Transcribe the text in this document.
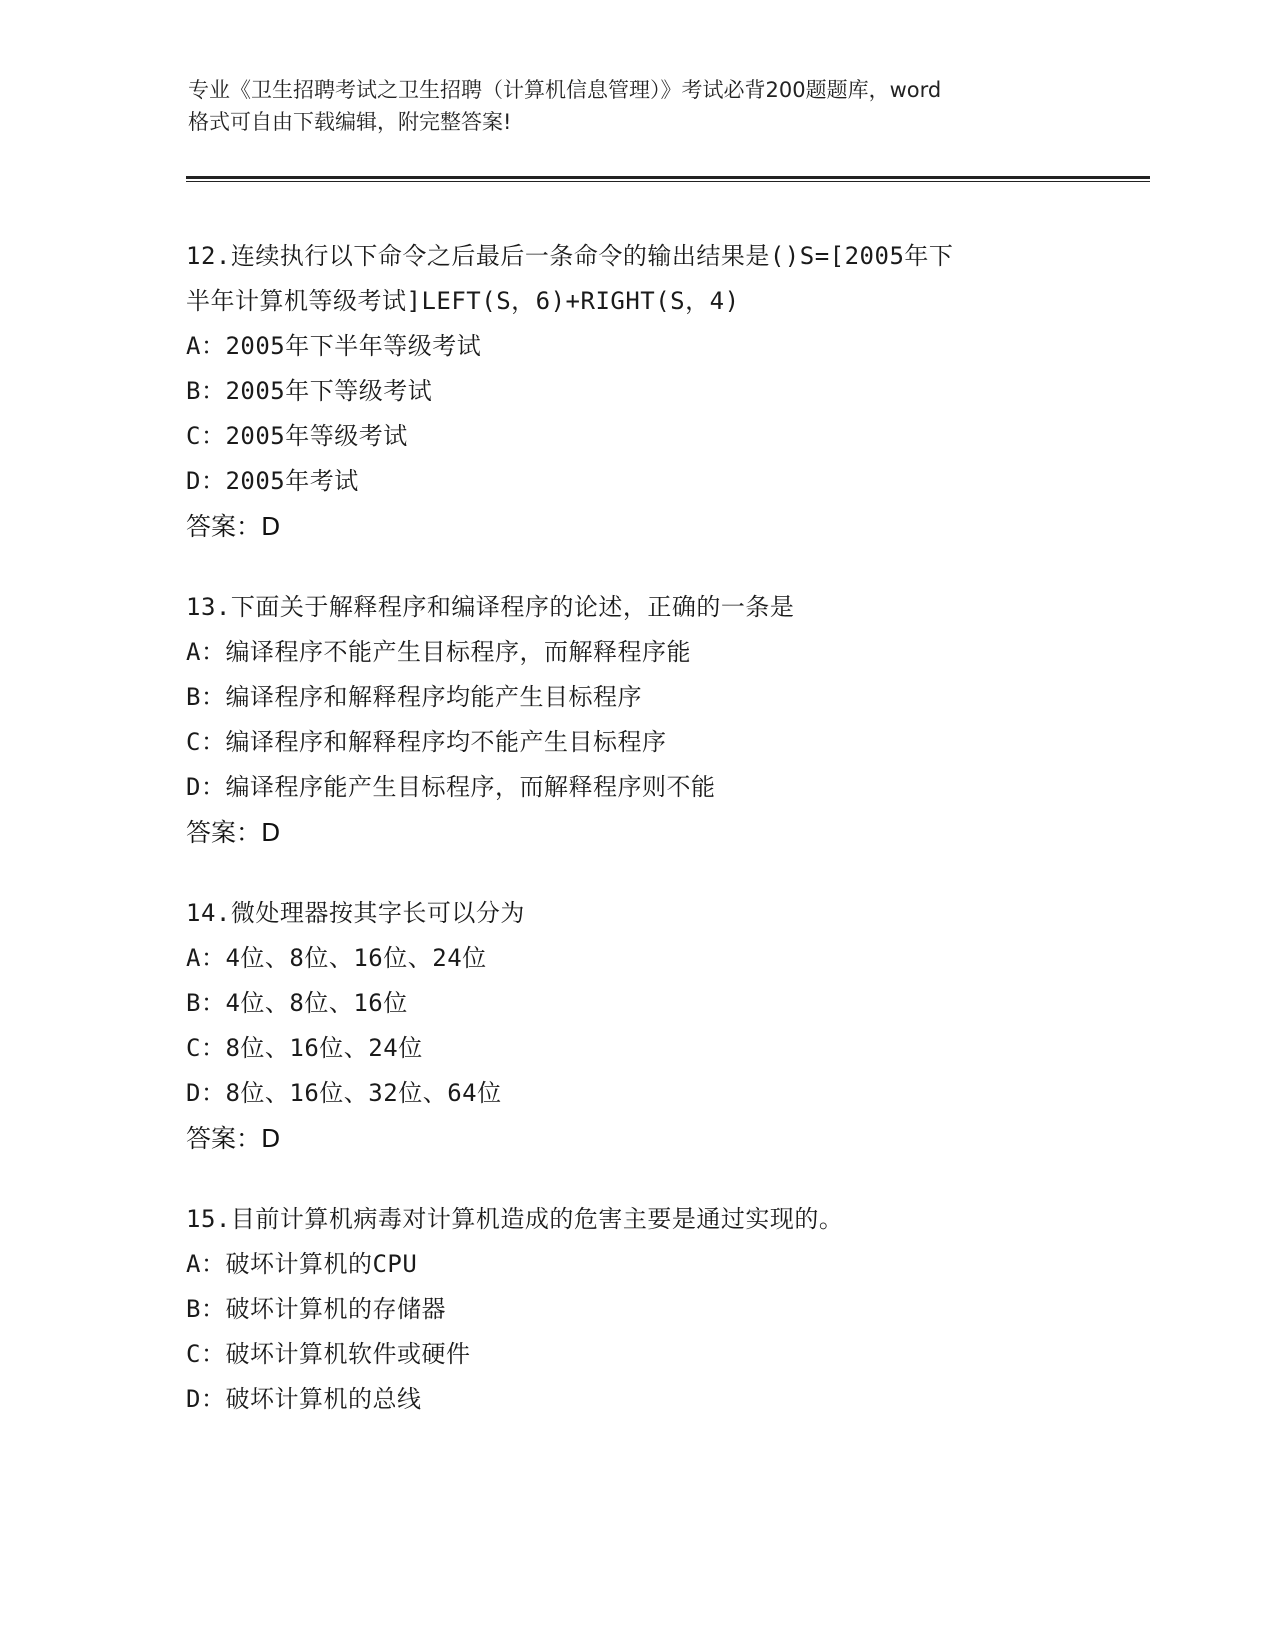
专业《卫生招聘考试之卫生招聘（计算机信息管理）》考试必背200题题库，word
格式可自由下载编辑，附完整答案!
12.连续执行以下命令之后最后一条命令的输出结果是()S=[2005年下
半年计算机等级考试]LEFT(S，6)+RIGHT(S，4)
A：2005年下半年等级考试
B：2005年下等级考试
C：2005年等级考试
D：2005年考试
答案：D
13.下面关于解释程序和编译程序的论述，正确的一条是
A：编译程序不能产生目标程序，而解释程序能
B：编译程序和解释程序均能产生目标程序
C：编译程序和解释程序均不能产生目标程序
D：编译程序能产生目标程序，而解释程序则不能
答案：D
14.微处理器按其字长可以分为
A：4位、8位、16位、24位
B：4位、8位、16位
C：8位、16位、24位
D：8位、16位、32位、64位
答案：D
15.目前计算机病毒对计算机造成的危害主要是通过实现的。
A：破坏计算机的CPU
B：破坏计算机的存储器
C：破坏计算机软件或硬件
D：破坏计算机的总线
